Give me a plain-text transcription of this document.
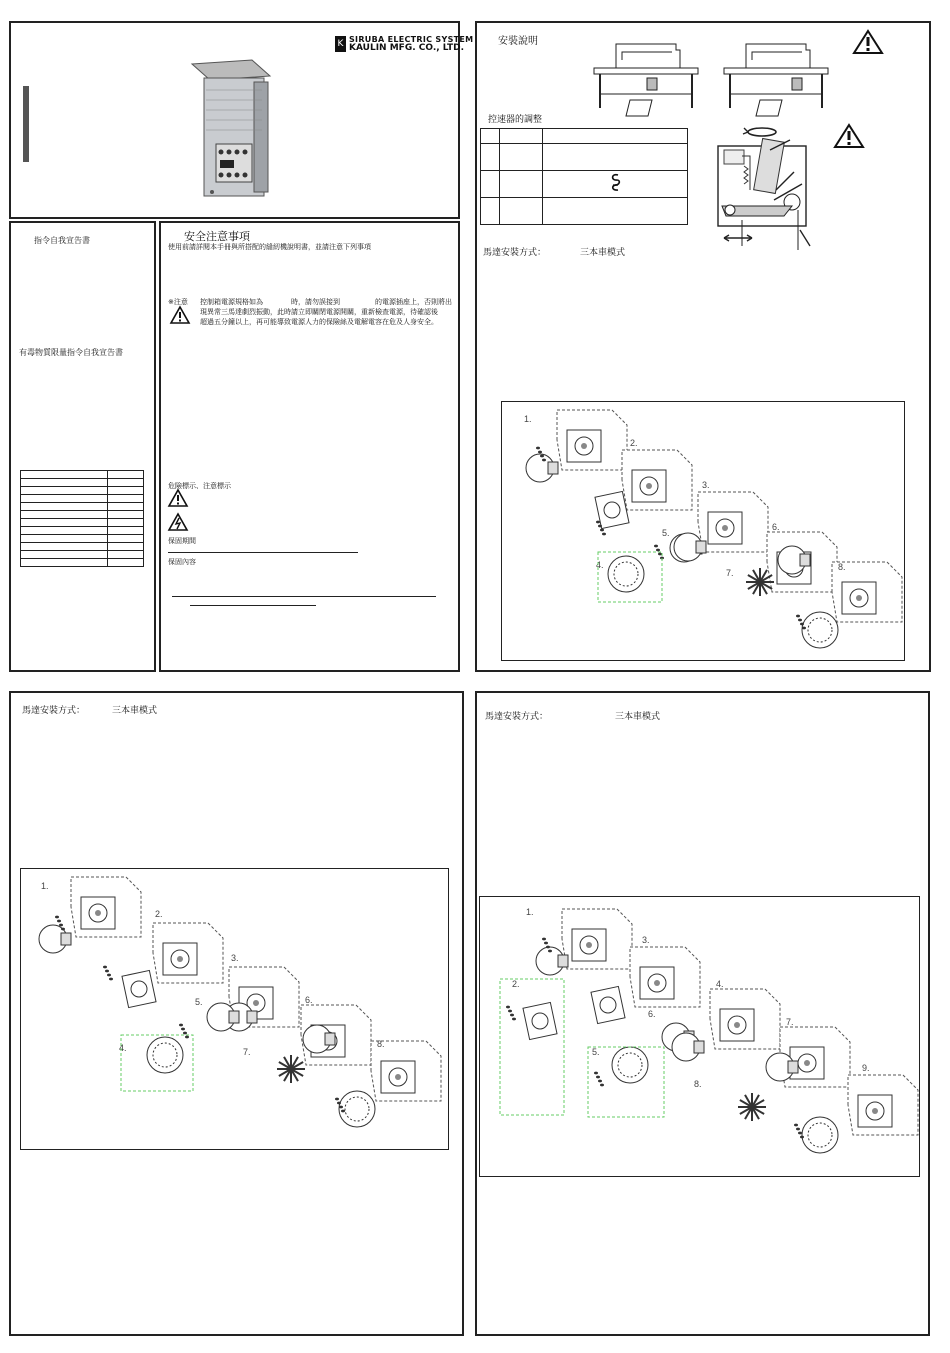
K SIRUBA ELECTRIC SYSTEM
KAULIN MFG. CO., LTD.
指令自我宣告書
有毒物質限量指令自我宣告書

安全注意事項
使用前請詳閱本手冊與所搭配的縫紉機說明書，並請注意下列事項
※注意 控制箱電源規格如為　　　　時，請勿誤接到　　　　　的電源插座上，否則將出
現異常三馬達劇烈振動，此時請立即關閉電源開關，重新檢查電源，待確認後
超過五分鐘以上，再可能導致電源人力的保險絲及電解電容在危及人身安全。
危險標示、注意標示
保固期間
保固內容
安裝說明
控速器的調整

馬達安裝方式：	三本車模式
1.
2.
3.
4.
5.
6.
7.
8.
馬達安裝方式：	三本車模式
1.
2.
3.
4.
5.	6.
7.
8.
馬達安裝方式：	三本車模式
1.
2.
3.
4.
5.
6.
7.
8.
9.
